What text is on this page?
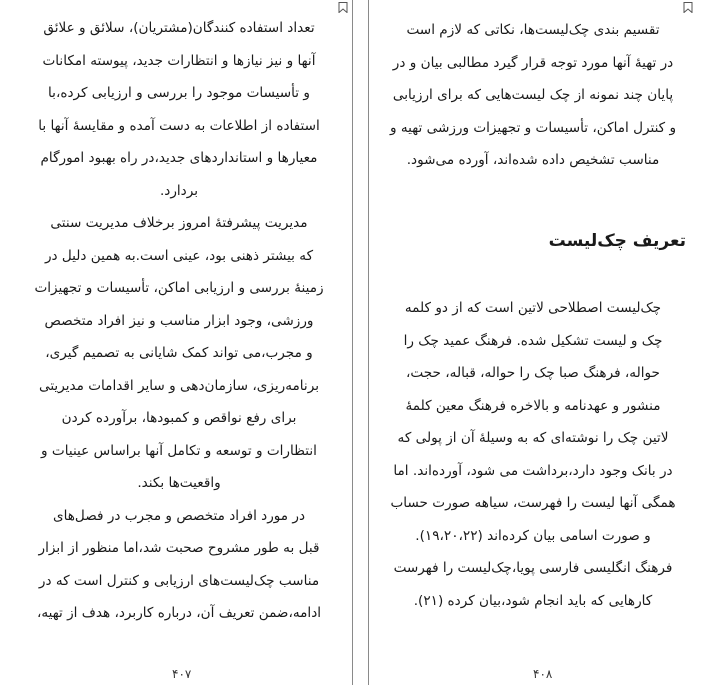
تعداد استفاده کنندگان(مشتریان)، سلائق و علائق
آنها و نیز نیازها و انتظارات جدید، پیوسته امکانات
و تأسیسات موجود را بررسی و ارزیابی کرده،با
استفاده از اطلاعات به دست آمده و مقایسهٔ آنها با
معیارها و استانداردهای جدید،در راه بهبود امورگام
بردارد.
مدیریت پیشرفتهٔ امروز برخلاف مدیریت سنتی
که بیشتر ذهنی بود، عینی است.به همین دلیل در
زمینهٔ بررسی و ارزیابی اماکن، تأسیسات و تجهیزات
ورزشی، وجود ابزار مناسب و نیز افراد متخصص
و مجرب،می تواند کمک شایانی به تصمیم گیری،
برنامه‌ریزی، سازمان‌دهی و سایر اقدامات مدیریتی
برای رفع نواقص و کمبودها، برآورده کردن
انتظارات و توسعه و تکامل آنها براساس عینیات و
واقعیت‌ها بکند.
در مورد افراد متخصص و مجرب در فصل‌های
قبل به طور مشروح صحبت شد،اما منظور از ابزار
مناسب چک‌لیست‌های ارزیابی و کنترل است که در
ادامه،ضمن تعریف آن، درباره کاربرد، هدف از تهیه،
۴۰۷
تقسیم بندی چک‌لیست‌ها، نکاتی که لازم است
در تهیهٔ آنها مورد توجه قرار گیرد مطالبی بیان و در
پایان چند نمونه از چک لیست‌هایی که برای ارزیابی
و کنترل اماکن، تأسیسات و تجهیزات ورزشی تهیه و
مناسب تشخیص داده شده‌اند، آورده می‌شود.
تعریف چک‌لیست
چک‌لیست اصطلاحی لاتین است که از دو کلمه
چک و لیست تشکیل شده. فرهنگ عمید چک را
حواله، فرهنگ صبا چک را حواله، قباله، حجت،
منشور و عهدنامه و بالاخره فرهنگ معین کلمهٔ
لاتین چک را نوشته‌ای که به وسیلهٔ آن از پولی که
در بانک وجود دارد،برداشت می شود، آورده‌اند. اما
همگی آنها لیست را فهرست، سیاهه صورت حساب
و صورت اسامی بیان کرده‌اند (۱۹،۲۰،۲۲).
فرهنگ انگلیسی فارسی پویا،چک‌لیست را فهرست
کارهایی که باید انجام شود،بیان کرده (۲۱).
۴۰۸
